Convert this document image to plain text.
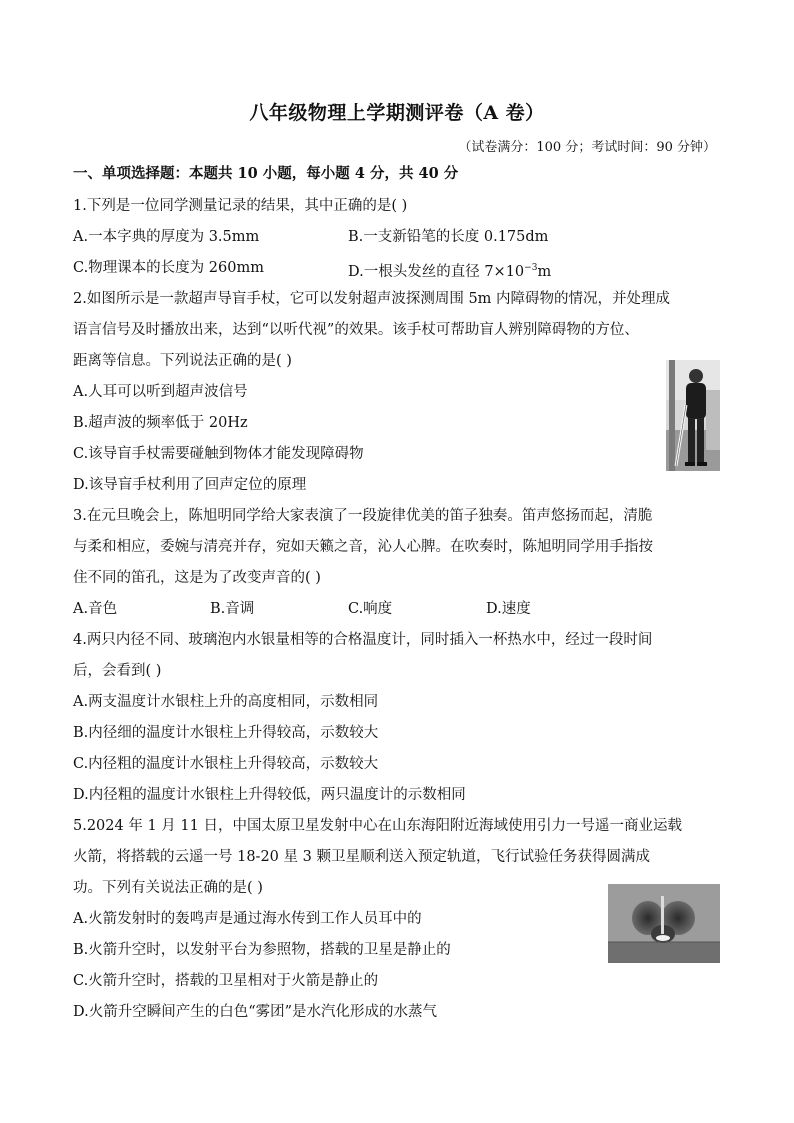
八年级物理上学期测评卷（A 卷）
（试卷满分：100 分；考试时间：90 分钟）
一、单项选择题：本题共 10 小题，每小题 4 分，共 40 分
1.下列是一位同学测量记录的结果，其中正确的是( )
A.一本字典的厚度为 3.5mm	B.一支新铅笔的长度 0.175dm
C.物理课本的长度为 260mm	D.一根头发丝的直径 $7\times 10^{-3}m$
2.如图所示是一款超声导盲手杖，它可以发射超声波探测周围 5m 内障碍物的情况，并处理成
语言信号及时播放出来，达到“以听代视”的效果。该手杖可帮助盲人辨别障碍物的方位、
距离等信息。下列说法正确的是( )
A.人耳可以听到超声波信号
B.超声波的频率低于 20Hz
C.该导盲手杖需要碰触到物体才能发现障碍物
D.该导盲手杖利用了回声定位的原理
3.在元旦晚会上，陈旭明同学给大家表演了一段旋律优美的笛子独奏。笛声悠扬而起，清脆
与柔和相应，委婉与清亮并存，宛如天籁之音，沁人心脾。在吹奏时，陈旭明同学用手指按
住不同的笛孔，这是为了改变声音的( )
A.音色	B.音调	C.响度	D.速度
4.两只内径不同、玻璃泡内水银量相等的合格温度计，同时插入一杯热水中，经过一段时间
后，会看到( )
A.两支温度计水银柱上升的高度相同，示数相同
B.内径细的温度计水银柱上升得较高，示数较大
C.内径粗的温度计水银柱上升得较高，示数较大
D.内径粗的温度计水银柱上升得较低，两只温度计的示数相同
5.2024 年 1 月 11 日，中国太原卫星发射中心在山东海阳附近海域使用引力一号遥一商业运载
火箭，将搭载的云遥一号 18-20 星 3 颗卫星顺利送入预定轨道，飞行试验任务获得圆满成
功。下列有关说法正确的是( )
A.火箭发射时的轰鸣声是通过海水传到工作人员耳中的
B.火箭升空时，以发射平台为参照物，搭载的卫星是静止的
C.火箭升空时，搭载的卫星相对于火箭是静止的
D.火箭升空瞬间产生的白色“雾团”是水汽化形成的水蒸气
